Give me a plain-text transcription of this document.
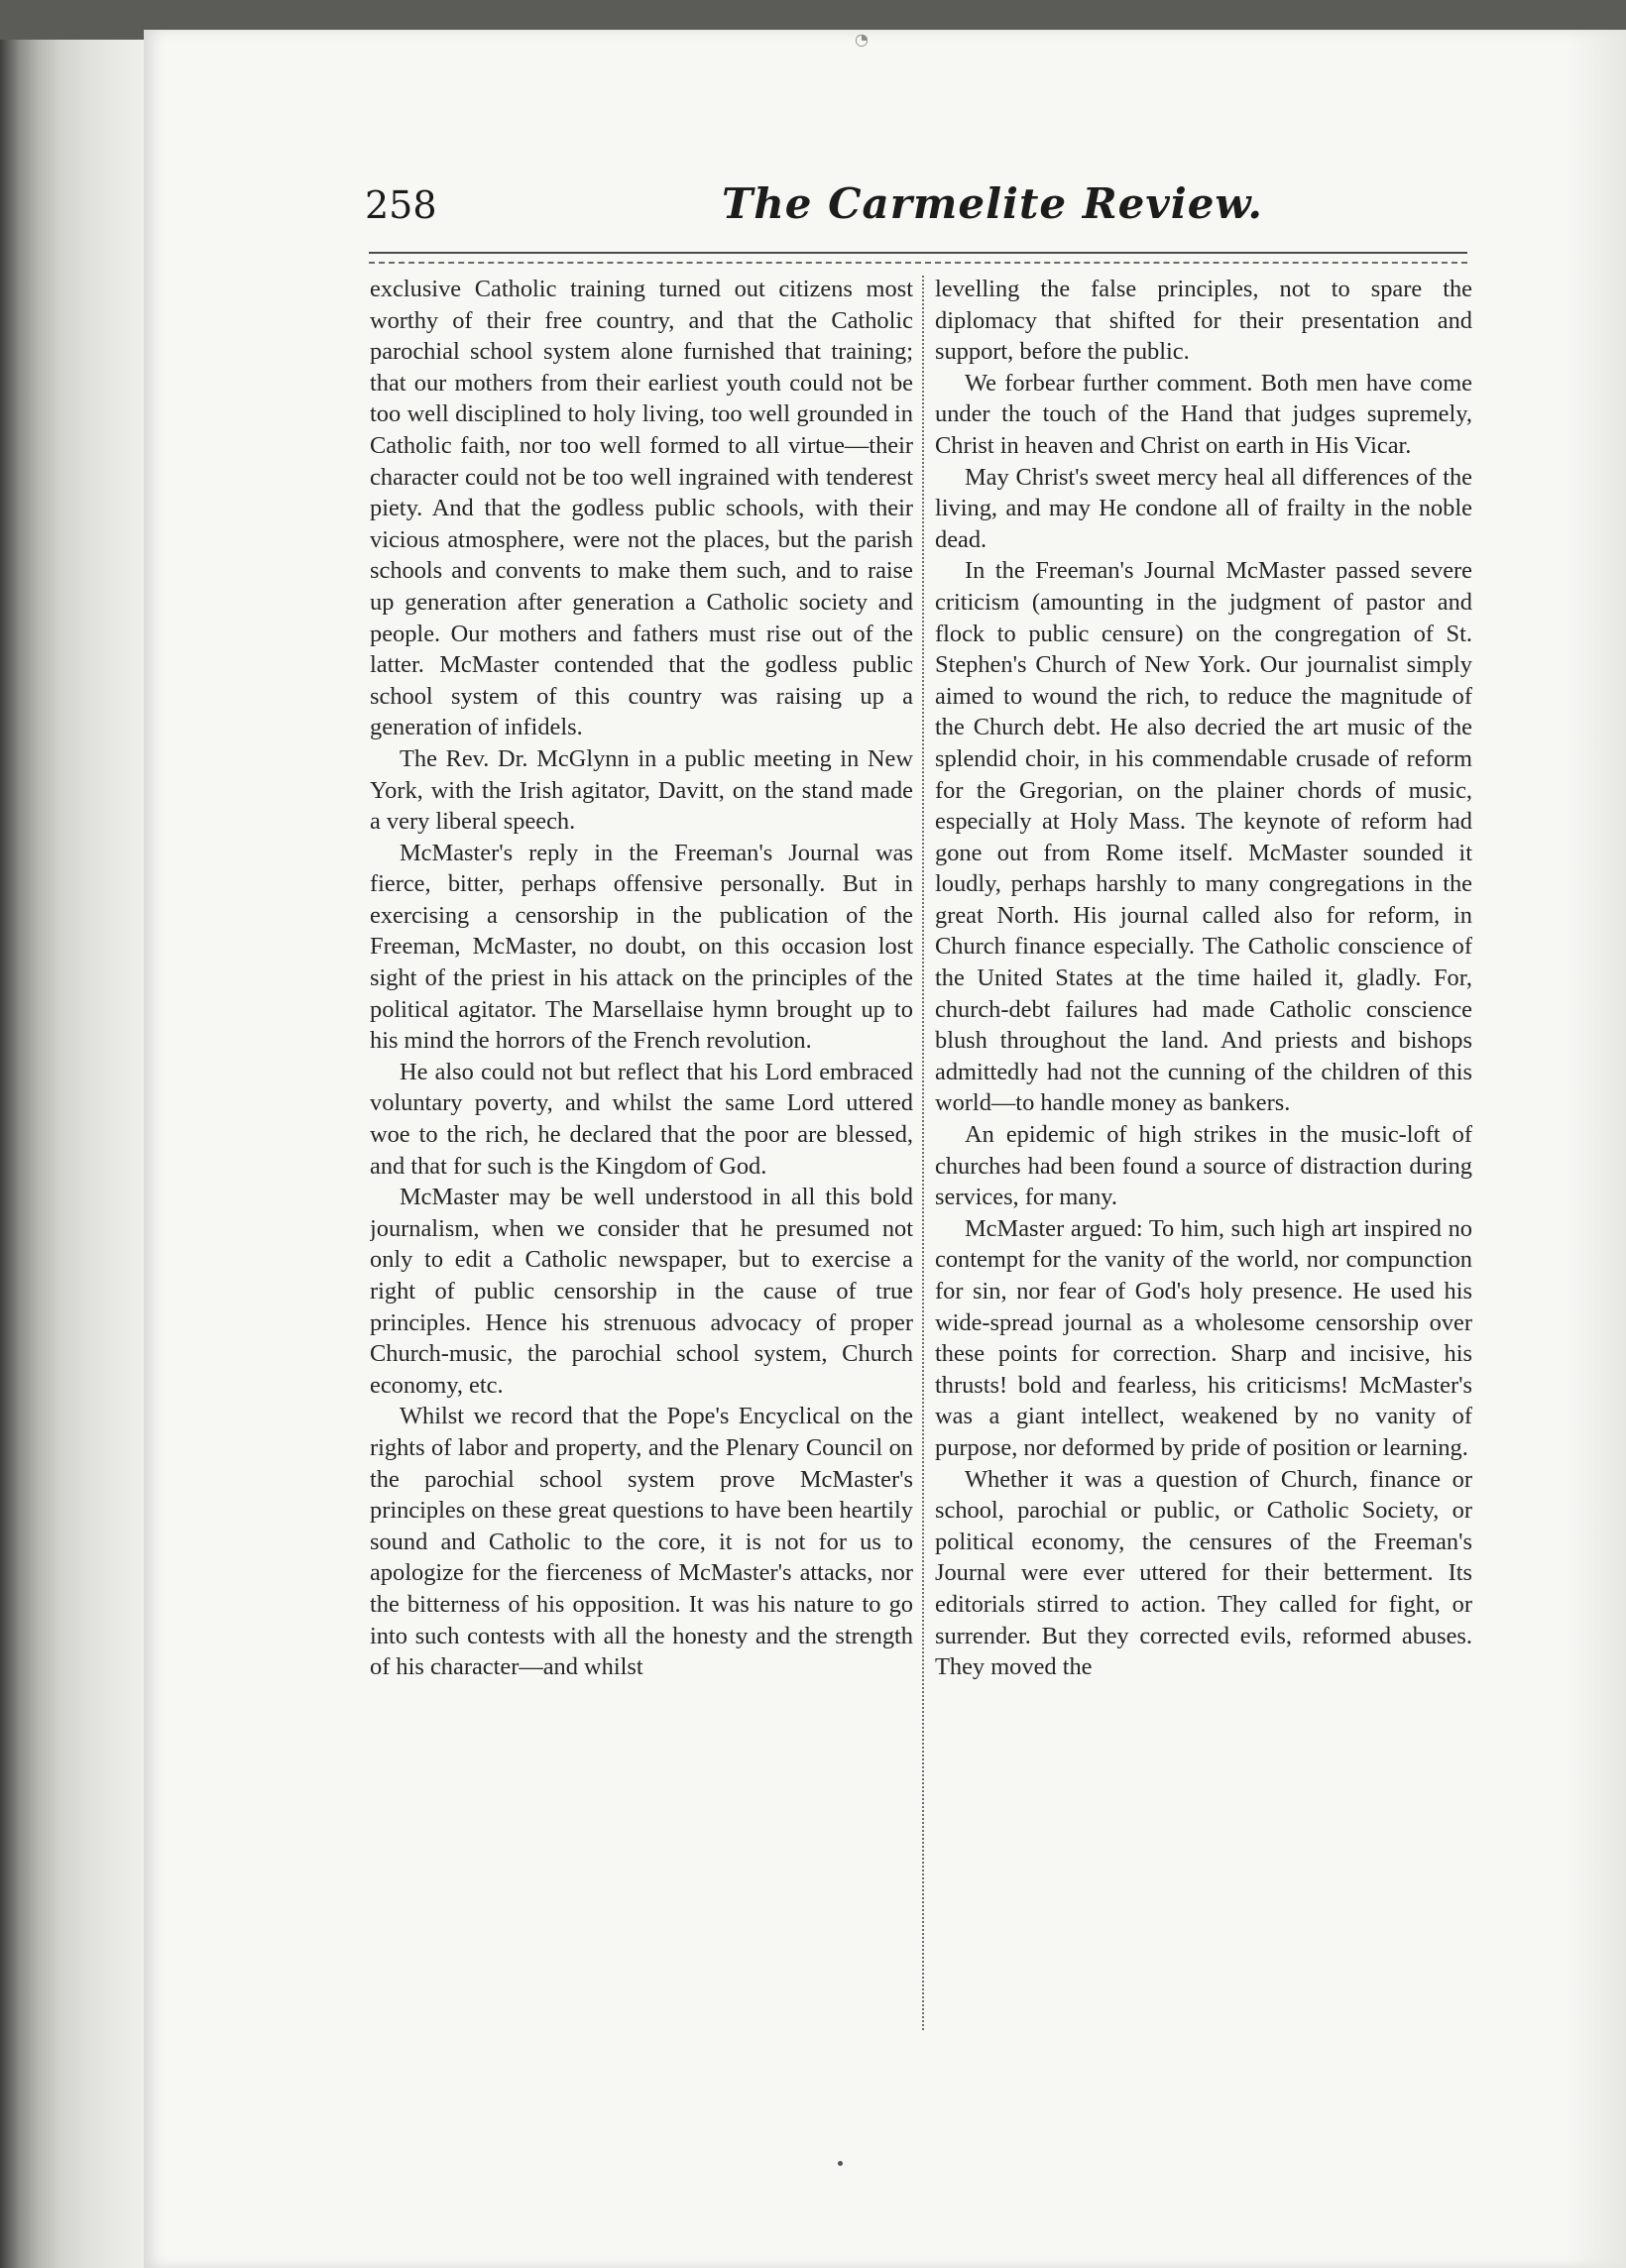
◔
258	The Carmelite Review.

exclusive Catholic training turned out citizens most worthy of their free country, and that the Catholic parochial school system alone furnished that training; that our mothers from their earliest youth could not be too well disciplined to holy living, too well grounded in Catholic faith, nor too well formed to all virtue—their character could not be too well ingrained with tenderest piety. And that the godless public schools, with their vicious atmosphere, were not the places, but the parish schools and convents to make them such, and to raise up generation after generation a Catholic society and people. Our mothers and fathers must rise out of the latter. McMaster contended that the godless public school system of this country was raising up a generation of infidels.

The Rev. Dr. McGlynn in a public meeting in New York, with the Irish agitator, Davitt, on the stand made a very liberal speech.

McMaster's reply in the Freeman's Journal was fierce, bitter, perhaps offensive personally. But in exercising a censorship in the publication of the Freeman, McMaster, no doubt, on this occasion lost sight of the priest in his attack on the principles of the political agitator. The Marsellaise hymn brought up to his mind the horrors of the French revolution.

He also could not but reflect that his Lord embraced voluntary poverty, and whilst the same Lord uttered woe to the rich, he declared that the poor are blessed, and that for such is the Kingdom of God.

McMaster may be well understood in all this bold journalism, when we consider that he presumed not only to edit a Catholic newspaper, but to exercise a right of public censorship in the cause of true principles. Hence his strenuous advocacy of proper Church-music, the parochial school system, Church economy, etc.

Whilst we record that the Pope's Encyclical on the rights of labor and property, and the Plenary Council on the parochial school system prove McMaster's principles on these great questions to have been heartily sound and Catholic to the core, it is not for us to apologize for the fierceness of McMaster's attacks, nor the bitterness of his opposition. It was his nature to go into such contests with all the honesty and the strength of his character—and whilst

levelling the false principles, not to spare the diplomacy that shifted for their presentation and support, before the public.

We forbear further comment. Both men have come under the touch of the Hand that judges supremely, Christ in heaven and Christ on earth in His Vicar.

May Christ's sweet mercy heal all differences of the living, and may He condone all of frailty in the noble dead.

In the Freeman's Journal McMaster passed severe criticism (amounting in the judgment of pastor and flock to public censure) on the congregation of St. Stephen's Church of New York. Our journalist simply aimed to wound the rich, to reduce the magnitude of the Church debt. He also decried the art music of the splendid choir, in his commendable crusade of reform for the Gregorian, on the plainer chords of music, especially at Holy Mass. The keynote of reform had gone out from Rome itself. McMaster sounded it loudly, perhaps harshly to many congregations in the great North. His journal called also for reform, in Church finance especially. The Catholic conscience of the United States at the time hailed it, gladly. For, church-debt failures had made Catholic conscience blush throughout the land. And priests and bishops admittedly had not the cunning of the children of this world—to handle money as bankers.

An epidemic of high strikes in the music-loft of churches had been found a source of distraction during services, for many.

McMaster argued: To him, such high art inspired no contempt for the vanity of the world, nor compunction for sin, nor fear of God's holy presence. He used his wide-spread journal as a wholesome censorship over these points for correction. Sharp and incisive, his thrusts! bold and fearless, his criticisms! McMaster's was a giant intellect, weakened by no vanity of purpose, nor deformed by pride of position or learning.

Whether it was a question of Church, finance or school, parochial or public, or Catholic Society, or political economy, the censures of the Freeman's Journal were ever uttered for their betterment. Its editorials stirred to action. They called for fight, or surrender. But they corrected evils, reformed abuses. They moved the
